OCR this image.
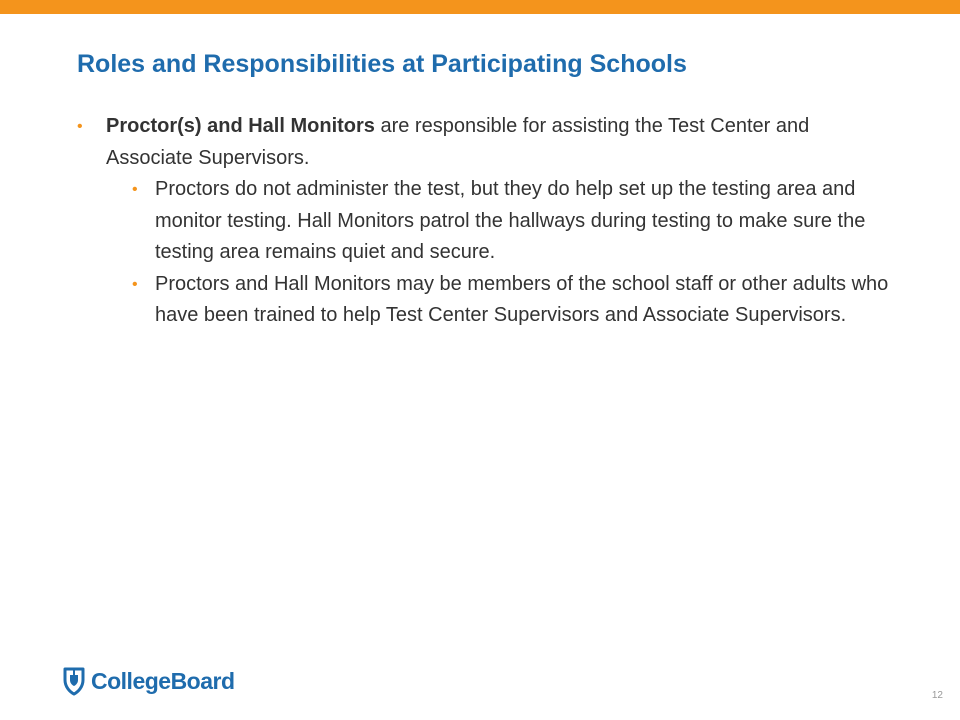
Roles and Responsibilities at Participating Schools
• Proctor(s) and Hall Monitors are responsible for assisting the Test Center and Associate Supervisors.
• Proctors do not administer the test, but they do help set up the testing area and monitor testing. Hall Monitors patrol the hallways during testing to make sure the testing area remains quiet and secure.
• Proctors and Hall Monitors may be members of the school staff or other adults who have been trained to help Test Center Supervisors and Associate Supervisors.
CollegeBoard
12
